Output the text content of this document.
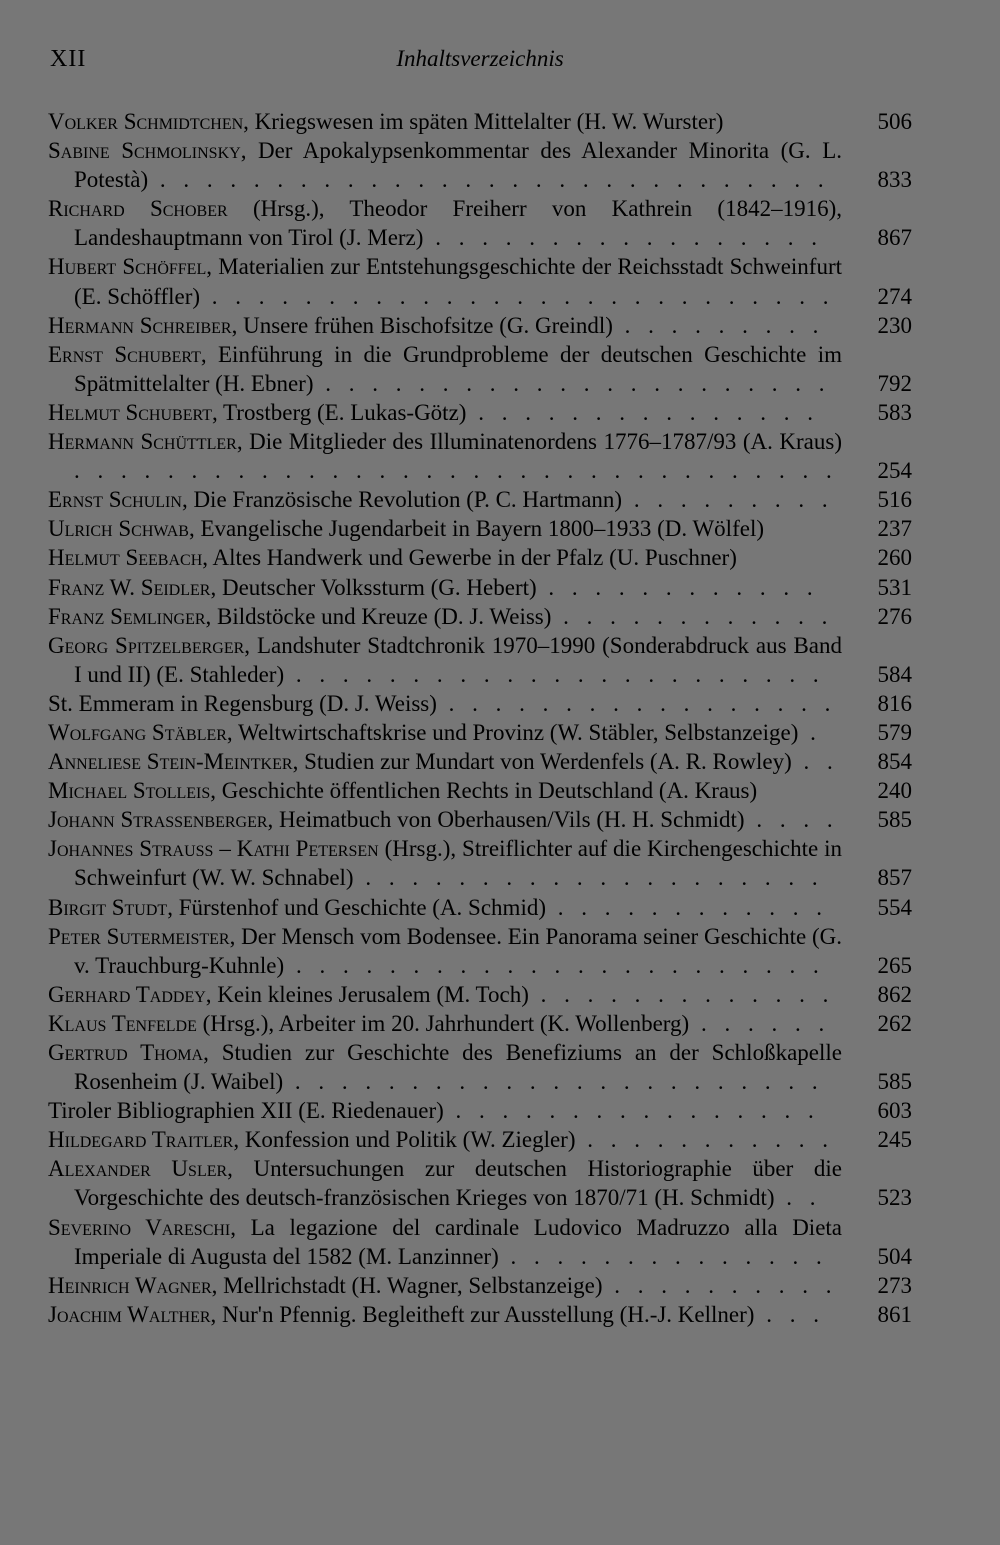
XII	Inhaltsverzeichnis
Volker Schmidtchen, Kriegswesen im späten Mittelalter (H. W. Wurster)	506
Sabine Schmolinsky, Der Apokalypsenkommentar des Alexander Minorita (G. L. Potestà) . . . . . . . . . . . . . . . . . . . . . . . . . . . . .	833
Richard Schober (Hrsg.), Theodor Freiherr von Kathrein (1842–1916), Landeshauptmann von Tirol (J. Merz) . . . . . . . . . . . . . . . . .	867
Hubert Schöffel, Materialien zur Entstehungsgeschichte der Reichsstadt Schweinfurt (E. Schöffler) . . . . . . . . . . . . . . . . . . . . . . . . . . .	274
Hermann Schreiber, Unsere frühen Bischofsitze (G. Greindl) . . . . . . . . .	230
Ernst Schubert, Einführung in die Grundprobleme der deutschen Geschichte im Spätmittelalter (H. Ebner) . . . . . . . . . . . . . . . . . . . . . .	792
Helmut Schubert, Trostberg (E. Lukas-Götz) . . . . . . . . . . . . . . .	583
Hermann Schüttler, Die Mitglieder des Illuminatenordens 1776–1787/93 (A. Kraus) . . . . . . . . . . . . . . . . . . . . . . . . . . . . . . . . .	254
Ernst Schulin, Die Französische Revolution (P. C. Hartmann) . . . . . . . . .	516
Ulrich Schwab, Evangelische Jugendarbeit in Bayern 1800–1933 (D. Wölfel)	237
Helmut Seebach, Altes Handwerk und Gewerbe in der Pfalz (U. Puschner)	260
Franz W. Seidler, Deutscher Volkssturm (G. Hebert) . . . . . . . . . . . .	531
Franz Semlinger, Bildstöcke und Kreuze (D. J. Weiss) . . . . . . . . . . . .	276
Georg Spitzelberger, Landshuter Stadtchronik 1970–1990 (Sonderabdruck aus Band I und II) (E. Stahleder) . . . . . . . . . . . . . . . . . . . . . . .	584
St. Emmeram in Regensburg (D. J. Weiss) . . . . . . . . . . . . . . . . .	816
Wolfgang Stäbler, Weltwirtschaftskrise und Provinz (W. Stäbler, Selbstanzeige) .	579
Anneliese Stein-Meintker, Studien zur Mundart von Werdenfels (A. R. Rowley) . .	854
Michael Stolleis, Geschichte öffentlichen Rechts in Deutschland (A. Kraus)	240
Johann Strassenberger, Heimatbuch von Oberhausen/Vils (H. H. Schmidt) . . . .	585
Johannes Strauss – Kathi Petersen (Hrsg.), Streiflichter auf die Kirchengeschichte in Schweinfurt (W. W. Schnabel) . . . . . . . . . . . . . . . . . . . .	857
Birgit Studt, Fürstenhof und Geschichte (A. Schmid) . . . . . . . . . . . .	554
Peter Sutermeister, Der Mensch vom Bodensee. Ein Panorama seiner Geschichte (G. v. Trauchburg-Kuhnle) . . . . . . . . . . . . . . . . . . . . . . .	265
Gerhard Taddey, Kein kleines Jerusalem (M. Toch) . . . . . . . . . . . . .	862
Klaus Tenfelde (Hrsg.), Arbeiter im 20. Jahrhundert (K. Wollenberg) . . . . . .	262
Gertrud Thoma, Studien zur Geschichte des Benefiziums an der Schloßkapelle Rosenheim (J. Waibel) . . . . . . . . . . . . . . . . . . . . . . .	585
Tiroler Bibliographien XII (E. Riedenauer) . . . . . . . . . . . . . . . .	603
Hildegard Traitler, Konfession und Politik (W. Ziegler) . . . . . . . . . . .	245
Alexander Usler, Untersuchungen zur deutschen Historiographie über die Vorgeschichte des deutsch-französischen Krieges von 1870/71 (H. Schmidt) . .	523
Severino Vareschi, La legazione del cardinale Ludovico Madruzzo alla Dieta Imperiale di Augusta del 1582 (M. Lanzinner) . . . . . . . . . . . . . .	504
Heinrich Wagner, Mellrichstadt (H. Wagner, Selbstanzeige) . . . . . . . . . .	273
Joachim Walther, Nur'n Pfennig. Begleitheft zur Ausstellung (H.-J. Kellner) . . .	861
